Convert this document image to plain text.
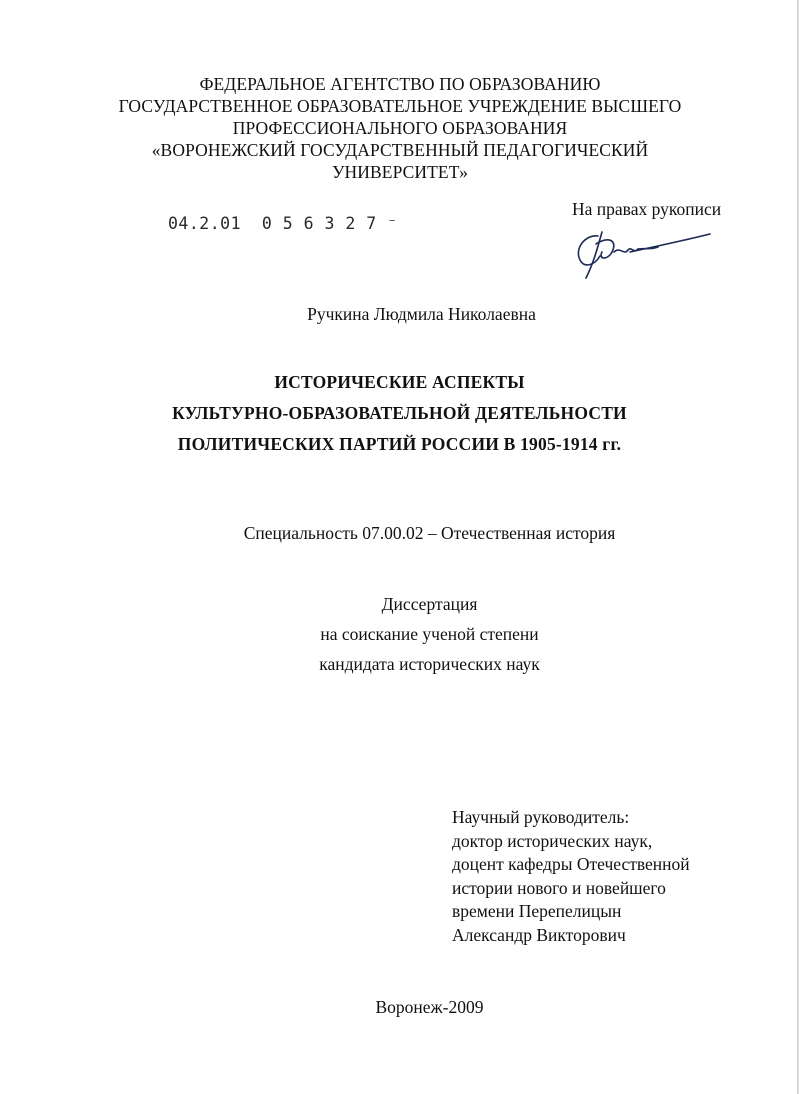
ФЕДЕРАЛЬНОЕ АГЕНТСТВО ПО ОБРАЗОВАНИЮ
ГОСУДАРСТВЕННОЕ ОБРАЗОВАТЕЛЬНОЕ УЧРЕЖДЕНИЕ ВЫСШЕГО
ПРОФЕССИОНАЛЬНОГО ОБРАЗОВАНИЯ
«ВОРОНЕЖСКИЙ ГОСУДАРСТВЕННЫЙ ПЕДАГОГИЧЕСКИЙ
УНИВЕРСИТЕТ»
04.2.01  0 5 6 3 2 7 ⁻
На правах рукописи
Ручкина Людмила Николаевна
ИСТОРИЧЕСКИЕ АСПЕКТЫ
КУЛЬТУРНО-ОБРАЗОВАТЕЛЬНОЙ ДЕЯТЕЛЬНОСТИ
ПОЛИТИЧЕСКИХ ПАРТИЙ РОССИИ В 1905-1914 гг.
Специальность 07.00.02 – Отечественная история
Диссертация
на соискание ученой степени
кандидата исторических наук
Научный руководитель:
доктор исторических наук,
доцент кафедры Отечественной
истории нового и новейшего
времени Перепелицын
Александр Викторович
Воронеж-2009
